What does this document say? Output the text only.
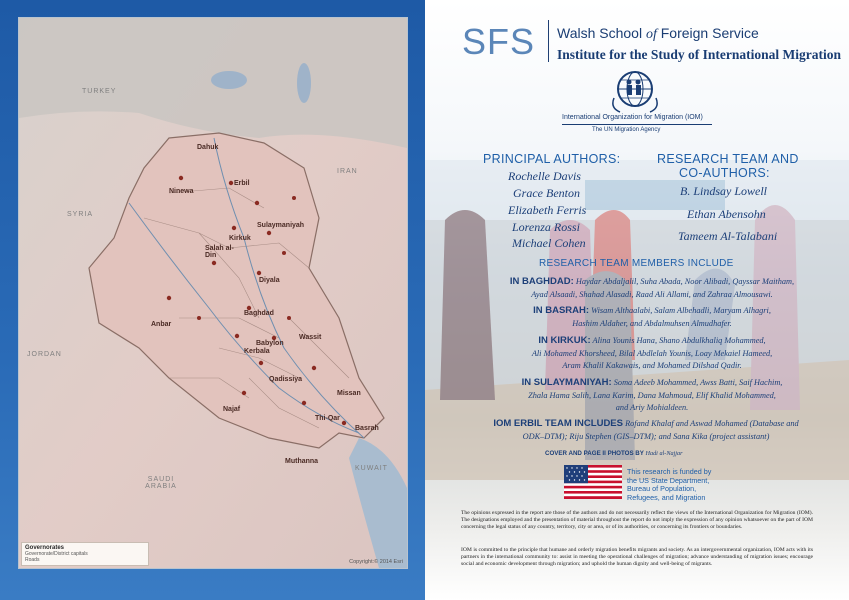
TURKEY
SYRIA
IRAN
JORDAN
SAUDI ARABIA
KUWAIT
Dahuk
Erbil
Ninewa
Kirkuk
Sulaymaniyah
Salah al-Din
Diyala
Anbar
Baghdad
Babylon
Kerbala
Wassit
Qadissiya
Missan
Najaf
Thi-Qar
Basrah
Muthanna
Governorates
Governorate/District capitals
Roads	Copyright:© 2014 Esri
SFS Walsh School of Foreign Service
Institute for the Study of International Migration
International Organization for Migration (IOM)
The UN Migration Agency
PRINCIPAL AUTHORS:
Rochelle Davis
Grace Benton
Elizabeth Ferris
Lorenza Rossi
Michael Cohen
RESEARCH TEAM AND
CO-AUTHORS:
B. Lindsay Lowell
Ethan Abensohn
Tameem Al-Talabani
RESEARCH TEAM MEMBERS INCLUDE
IN BAGHDAD: Haydar Abdaljalil, Suha Abada, Noor Alibadi, Qayssar Maitham,
Ayad Alsaadi, Shahad Alasadi, Raad Ali Allami, and Zahraa Almousawi.
IN BASRAH: Wisam Althaalabi, Salam Albehadli, Maryam Alhagri,
Hashim Aldaher, and Abdalmuhsen Almudhafer.
IN KIRKUK: Alina Younis Hana, Shano Abdulkhaliq Mohammed,
Ali Mohamed Khorsheed, Bilal Abdlelah Younis, Loay Mekaiel Hameed,
Aram Khalil Kakawais, and Mohamed Dilshad Qadir.
IN SULAYMANIYAH: Soma Adeeb Mohammed, Awss Batti, Saif Hachim,
Zhala Hama Salih, Lana Karim, Dana Mahmoud, Elif Khalid Mohammed,
and Ariy Mohialdeen.
IOM ERBIL TEAM INCLUDES Rofand Khalaf and Aswad Mohamed (Database and
ODK–DTM); Riju Stephen (GIS–DTM); and Sana Kika (project assistant)
COVER AND PAGE II PHOTOS BY Hadi al-Najjar
This research is funded by
the US State Department,
Bureau of Population,
Refugees, and Migration
The opinions expressed in the report are those of the authors and do not necessarily reflect the views of the International Organization for Migration (IOM). The designations employed and the presentation of material throughout the report do not imply the expression of any opinion whatsoever on the part of IOM concerning the legal status of any country, territory, city or area, or of its authorities, or concerning its frontiers or boundaries.
IOM is committed to the principle that humane and orderly migration benefits migrants and society. As an intergovernmental organization, IOM acts with its partners in the international community to: assist in meeting the operational challenges of migration; advance understanding of migration issues; encourage social and economic development through migration; and uphold the human dignity and well-being of migrants.
